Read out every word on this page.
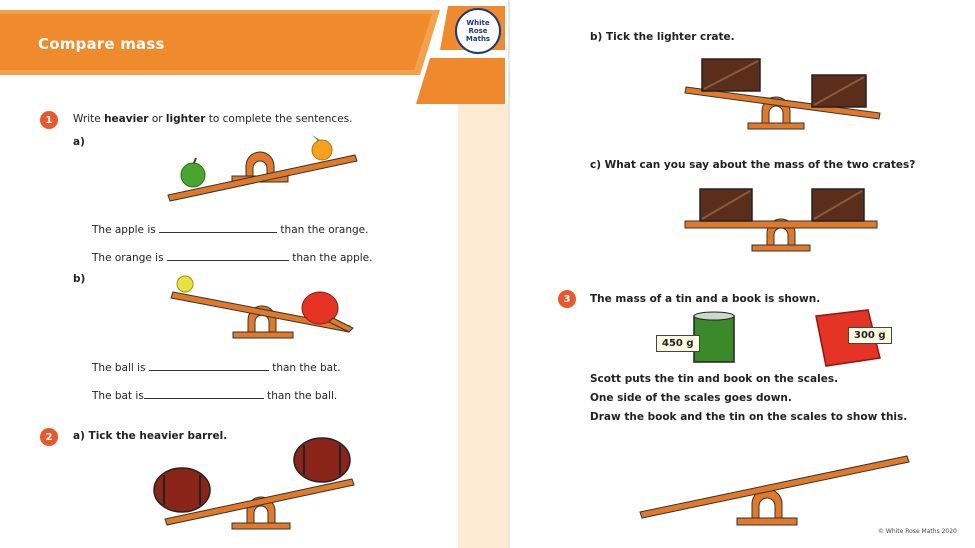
Compare mass
White
Rose
Maths
1	Write heavier or lighter to complete the sentences.
a)
The apple is	than the orange.
The orange is	than the apple.
b)
The ball is	than the bat.
The bat is	than the ball.
2	a) Tick the heavier barrel.
b) Tick the lighter crate.
c) What can you say about the mass of the two crates?
3	The mass of a tin and a book is shown.
450 g
300 g
Scott puts the tin and book on the scales.
One side of the scales goes down.
Draw the book and the tin on the scales to show this.
© White Rose Maths 2020
